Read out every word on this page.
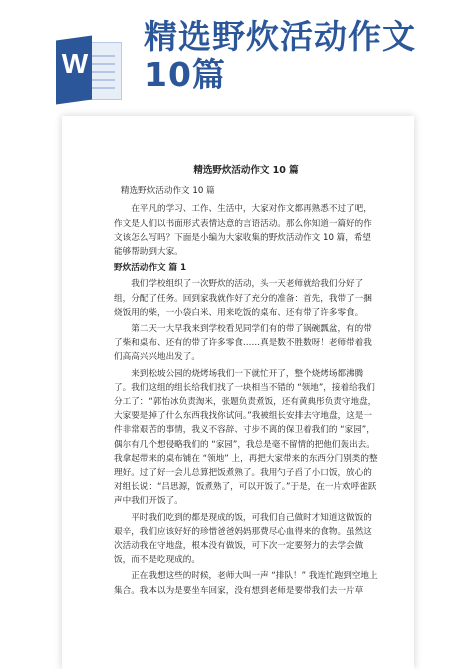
W
精选野炊活动作文
10篇
精选野炊活动作文 10 篇
精选野炊活动作文 10 篇
在平凡的学习、工作、生活中，大家对作文都再熟悉不过了吧，作文是人们以书面形式表情达意的言语活动。那么你知道一篇好的作文该怎么写吗？下面是小编为大家收集的野炊活动作文 10 篇，希望能够帮助到大家。
野炊活动作文 篇 1
我们学校组织了一次野炊的活动，头一天老师就给我们分好了组，分配了任务。回到家我就作好了充分的准备：首先，我带了一捆烧饭用的柴，一小袋白米、用来吃饭的桌布、还有带了许多零食。
第二天一大早我来到学校看见同学们有的带了锅碗瓢盆，有的带了柴和桌布、还有的带了许多零食……真是数不胜数呀！老师带着我们高高兴兴地出发了。
来到松坡公园的烧烤场我们一下就忙开了，整个烧烤场都沸腾了。我们这组的组长给我们找了一块相当不错的 “领地”，接着给我们分工了：“郭怡冰负责淘米，张题负责煮饭，还有黄典彤负责守地盘，大家要是掉了什么东西我找你试问。”我被组长安排去守地盘，这是一件非常艰苦的事情，我义不容辞、寸步不离的保卫着我们的 “家园”，偶尔有几个想侵略我们的 “家园”，我总是毫不留情的把他们轰出去。我拿起带来的桌布铺在 “领地” 上，再把大家带来的东西分门别类的整理好。过了好一会儿总算把饭煮熟了。我用勺子舀了小口饭，放心的对组长说：“吕思源，饭煮熟了，可以开饭了。”于是，在一片欢呼雀跃声中我们开饭了。
平时我们吃到的都是现成的饭，可我们自己做时才知道这做饭的艰辛，我们应该好好的珍惜爸爸妈妈那费尽心血得来的食物。虽然这次活动我在守地盘，根本没有做饭，可下次一定要努力的去学会做饭，而不是吃现成的。
正在我想这些的时候，老师大叫一声 “排队！” 我连忙跑到空地上集合。我本以为是要坐车回家，没有想到老师是要带我们去一片草
